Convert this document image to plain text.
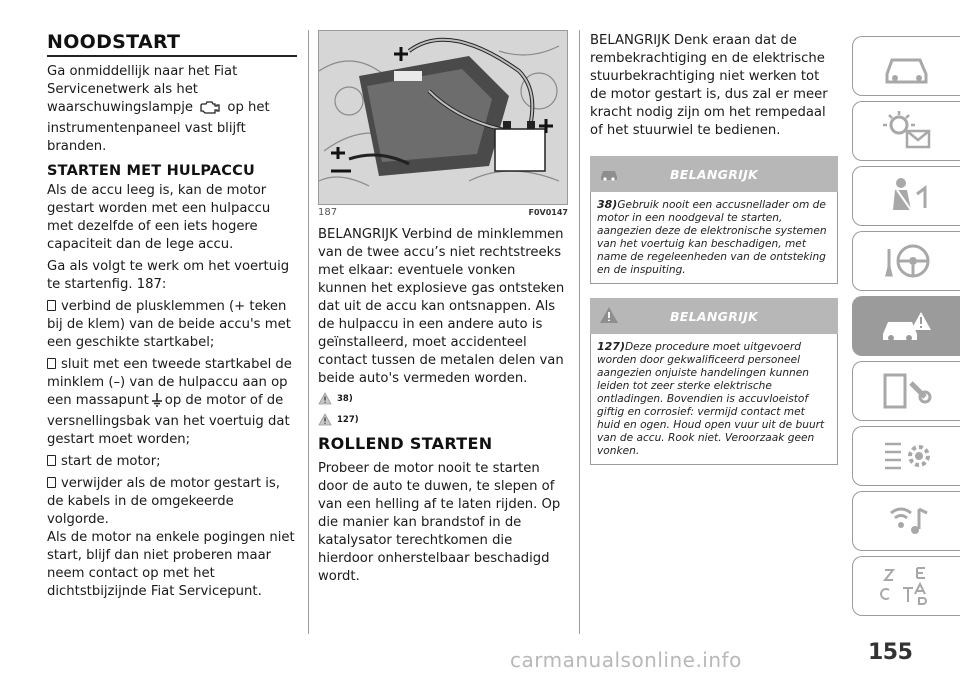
NOODSTART

Ga onmiddellijk naar het Fiat Servicenetwerk als het waarschuwingslampje	op het instrumentenpaneel vast blijft branden.

STARTEN MET HULPACCU

Als de accu leeg is, kan de motor gestart worden met een hulpaccu met dezelfde of een iets hogere capaciteit dan de lege accu.

Ga als volgt te werk om het voertuig te startenfig. 187:

verbind de plusklemmen (+ teken bij de klem) van de beide accu's met een geschikte startkabel;

sluit met een tweede startkabel de minklem (–) van de hulpaccu aan op een massapunt op de motor of de versnellingsbak van het voertuig dat gestart moet worden;

start de motor;

verwijder als de motor gestart is, de kabels in de omgekeerde volgorde.

Als de motor na enkele pogingen niet start, blijf dan niet proberen maar neem contact op met het dichtstbijzijnde Fiat Servicepunt.

187	F0V0147

BELANGRIJK Verbind de minklemmen van de twee accu’s niet rechtstreeks met elkaar: eventuele vonken kunnen het explosieve gas ontsteken dat uit de accu kan ontsnappen. Als de hulpaccu in een andere auto is geïnstalleerd, moet accidenteel contact tussen de metalen delen van beide auto's vermeden worden.

38)
127)
ROLLEND STARTEN

Probeer de motor nooit te starten door de auto te duwen, te slepen of van een helling af te laten rijden. Op die manier kan brandstof in de katalysator terechtkomen die hierdoor onherstelbaar beschadigd wordt.

BELANGRIJK Denk eraan dat de rembekrachtiging en de elektrische stuurbekrachtiging niet werken tot de motor gestart is, dus zal er meer kracht nodig zijn om het rempedaal of het stuurwiel te bedienen.

BELANGRIJK
38)Gebruik nooit een accusnellader om de motor in een noodgeval te starten, aangezien deze de elektronische systemen van het voertuig kan beschadigen, met name de regeleenheden van de ontsteking en de inspuiting.
BELANGRIJK
127)Deze procedure moet uitgevoerd worden door gekwalificeerd personeel aangezien onjuiste handelingen kunnen leiden tot zeer sterke elektrische ontladingen. Bovendien is accuvloeistof giftig en corrosief: vermijd contact met huid en ogen. Houd open vuur uit de buurt van de accu. Rook niet. Veroorzaak geen vonken.
155
carmanualsonline.info
